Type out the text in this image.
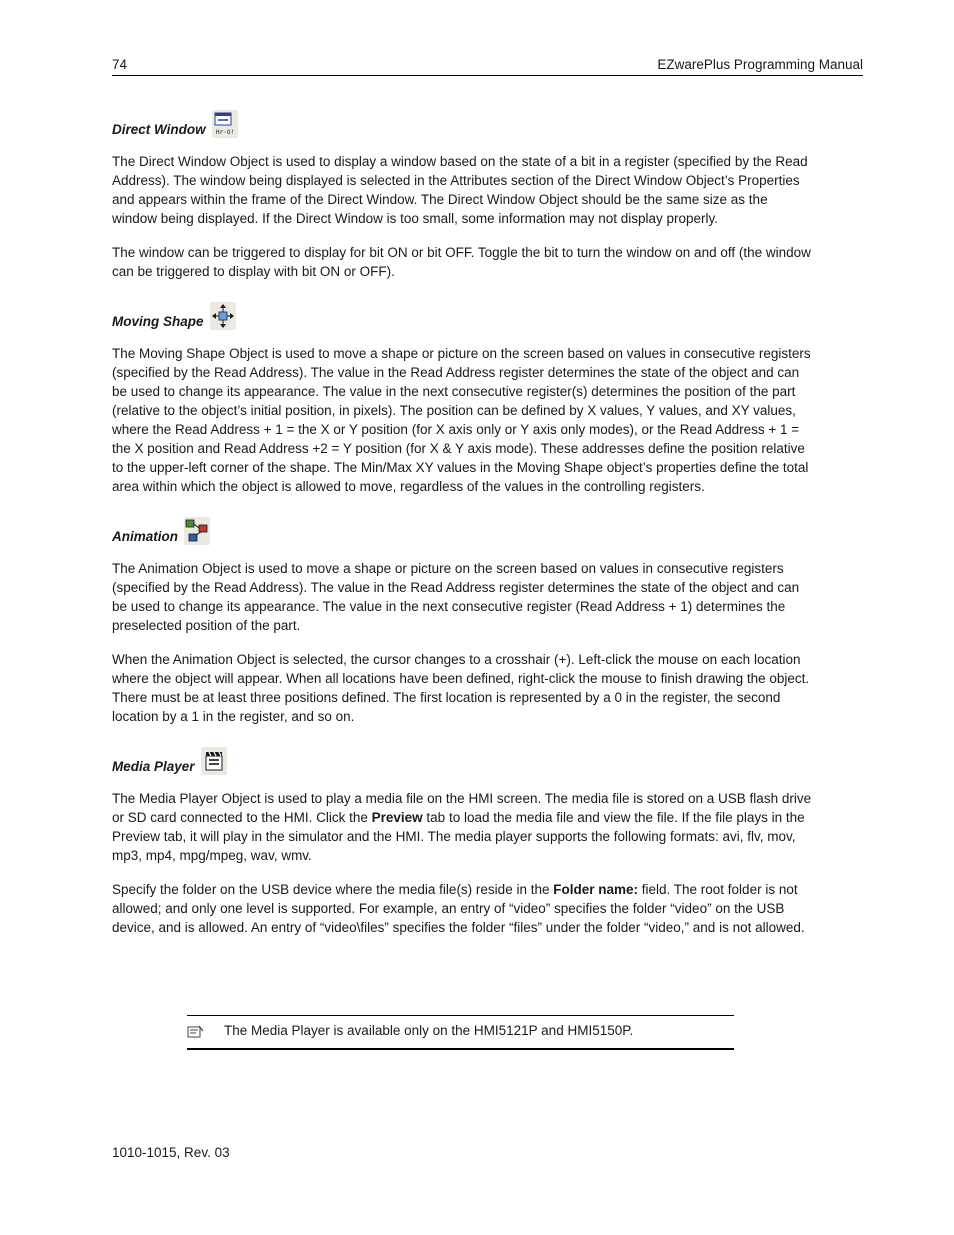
74	EZwarePlus Programming Manual
Direct Window Hr·O!

The Direct Window Object is used to display a window based on the state of a bit in a register (specified by the Read Address). The window being displayed is selected in the Attributes section of the Direct Window Object’s Properties and appears within the frame of the Direct Window. The Direct Window Object should be the same size as the window being displayed. If the Direct Window is too small, some information may not display properly.

The window can be triggered to display for bit ON or bit OFF. Toggle the bit to turn the window on and off (the window can be triggered to display with bit ON or OFF).

Moving Shape

The Moving Shape Object is used to move a shape or picture on the screen based on values in consecutive registers (specified by the Read Address). The value in the Read Address register determines the state of the object and can be used to change its appearance. The value in the next consecutive register(s) determines the position of the part (relative to the object’s initial position, in pixels). The position can be defined by X values, Y values, and XY values, where the Read Address + 1 = the X or Y position (for X axis only or Y axis only modes), or the Read Address + 1 = the X position and Read Address +2 = Y position (for X & Y axis mode). These addresses define the position relative to the upper-left corner of the shape. The Min/Max XY values in the Moving Shape object’s properties define the total area within which the object is allowed to move, regardless of the values in the controlling registers.

Animation

The Animation Object is used to move a shape or picture on the screen based on values in consecutive registers (specified by the Read Address). The value in the Read Address register determines the state of the object and can be used to change its appearance. The value in the next consecutive register (Read Address + 1) determines the preselected position of the part.

When the Animation Object is selected, the cursor changes to a crosshair (+). Left-click the mouse on each location where the object will appear. When all locations have been defined, right-click the mouse to finish drawing the object. There must be at least three positions defined. The first location is represented by a 0 in the register, the second location by a 1 in the register, and so on.

Media Player

The Media Player Object is used to play a media file on the HMI screen. The media file is stored on a USB flash drive or SD card connected to the HMI. Click the Preview tab to load the media file and view the file. If the file plays in the Preview tab, it will play in the simulator and the HMI. The media player supports the following formats: avi, flv, mov, mp3, mp4, mpg/mpeg, wav, wmv.

Specify the folder on the USB device where the media file(s) reside in the Folder name: field. The root folder is not allowed; and only one level is supported. For example, an entry of “video” specifies the folder “video” on the USB device, and is allowed. An entry of “video\files” specifies the folder “files” under the folder “video,” and is not allowed.

The Media Player is available only on the HMI5121P and HMI5150P.
1010-1015, Rev. 03
